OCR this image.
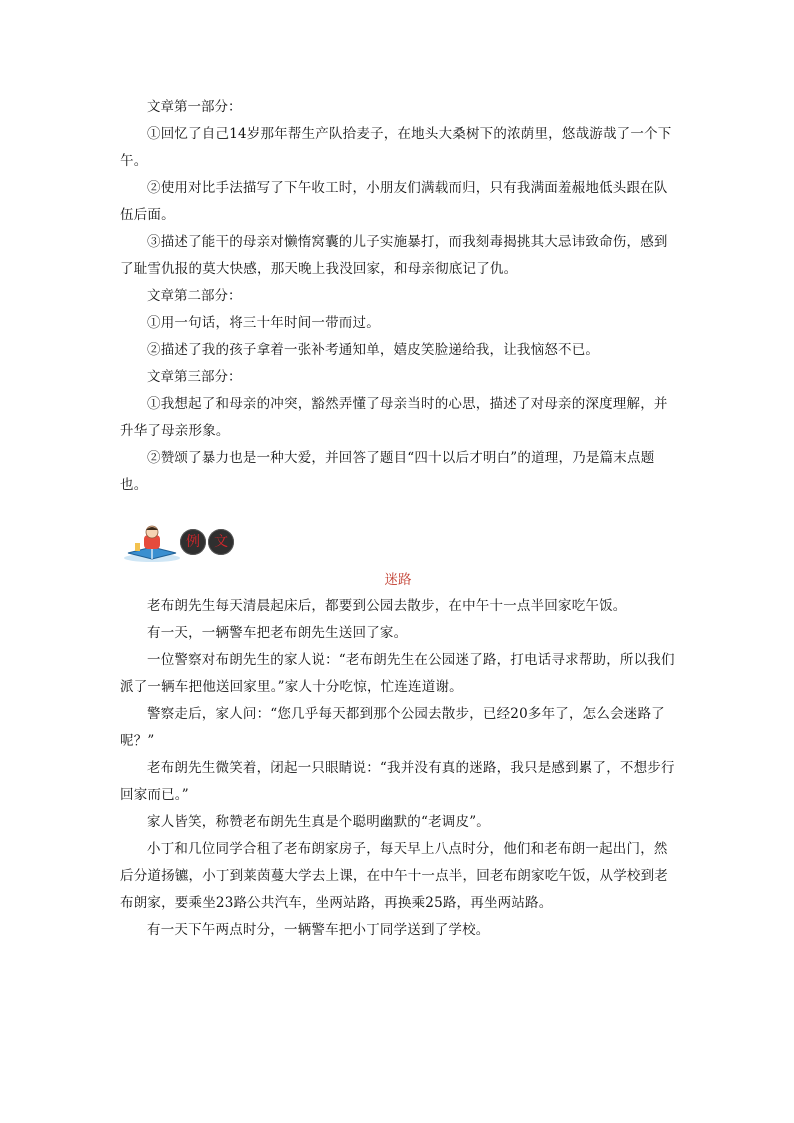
文章第一部分：

①回忆了自己14岁那年帮生产队拾麦子，在地头大桑树下的浓荫里，悠哉游哉了一个下午。

②使用对比手法描写了下午收工时，小朋友们满载而归，只有我满面羞赧地低头跟在队伍后面。

③描述了能干的母亲对懒惰窝囊的儿子实施暴打，而我刻毒揭挑其大忌讳致命伤，感到了耻雪仇报的莫大快感，那天晚上我没回家，和母亲彻底记了仇。

文章第二部分：

①用一句话，将三十年时间一带而过。

②描述了我的孩子拿着一张补考通知单，嬉皮笑脸递给我，让我恼怒不已。

文章第三部分：

①我想起了和母亲的冲突，豁然弄懂了母亲当时的心思，描述了对母亲的深度理解，并升华了母亲形象。

②赞颂了暴力也是一种大爱，并回答了题目“四十以后才明白”的道理，乃是篇末点题也。

例	文

迷路

老布朗先生每天清晨起床后，都要到公园去散步，在中午十一点半回家吃午饭。

有一天，一辆警车把老布朗先生送回了家。

一位警察对布朗先生的家人说：“老布朗先生在公园迷了路，打电话寻求帮助，所以我们派了一辆车把他送回家里。”家人十分吃惊，忙连连道谢。

警察走后，家人问：“您几乎每天都到那个公园去散步，已经20多年了，怎么会迷路了呢？”

老布朗先生微笑着，闭起一只眼睛说：“我并没有真的迷路，我只是感到累了，不想步行回家而已。”

家人皆笑，称赞老布朗先生真是个聪明幽默的“老调皮”。

小丁和几位同学合租了老布朗家房子，每天早上八点时分，他们和老布朗一起出门，然后分道扬镳，小丁到莱茵蔓大学去上课，在中午十一点半，回老布朗家吃午饭，从学校到老布朗家，要乘坐23路公共汽车，坐两站路，再换乘25路，再坐两站路。

有一天下午两点时分，一辆警车把小丁同学送到了学校。
